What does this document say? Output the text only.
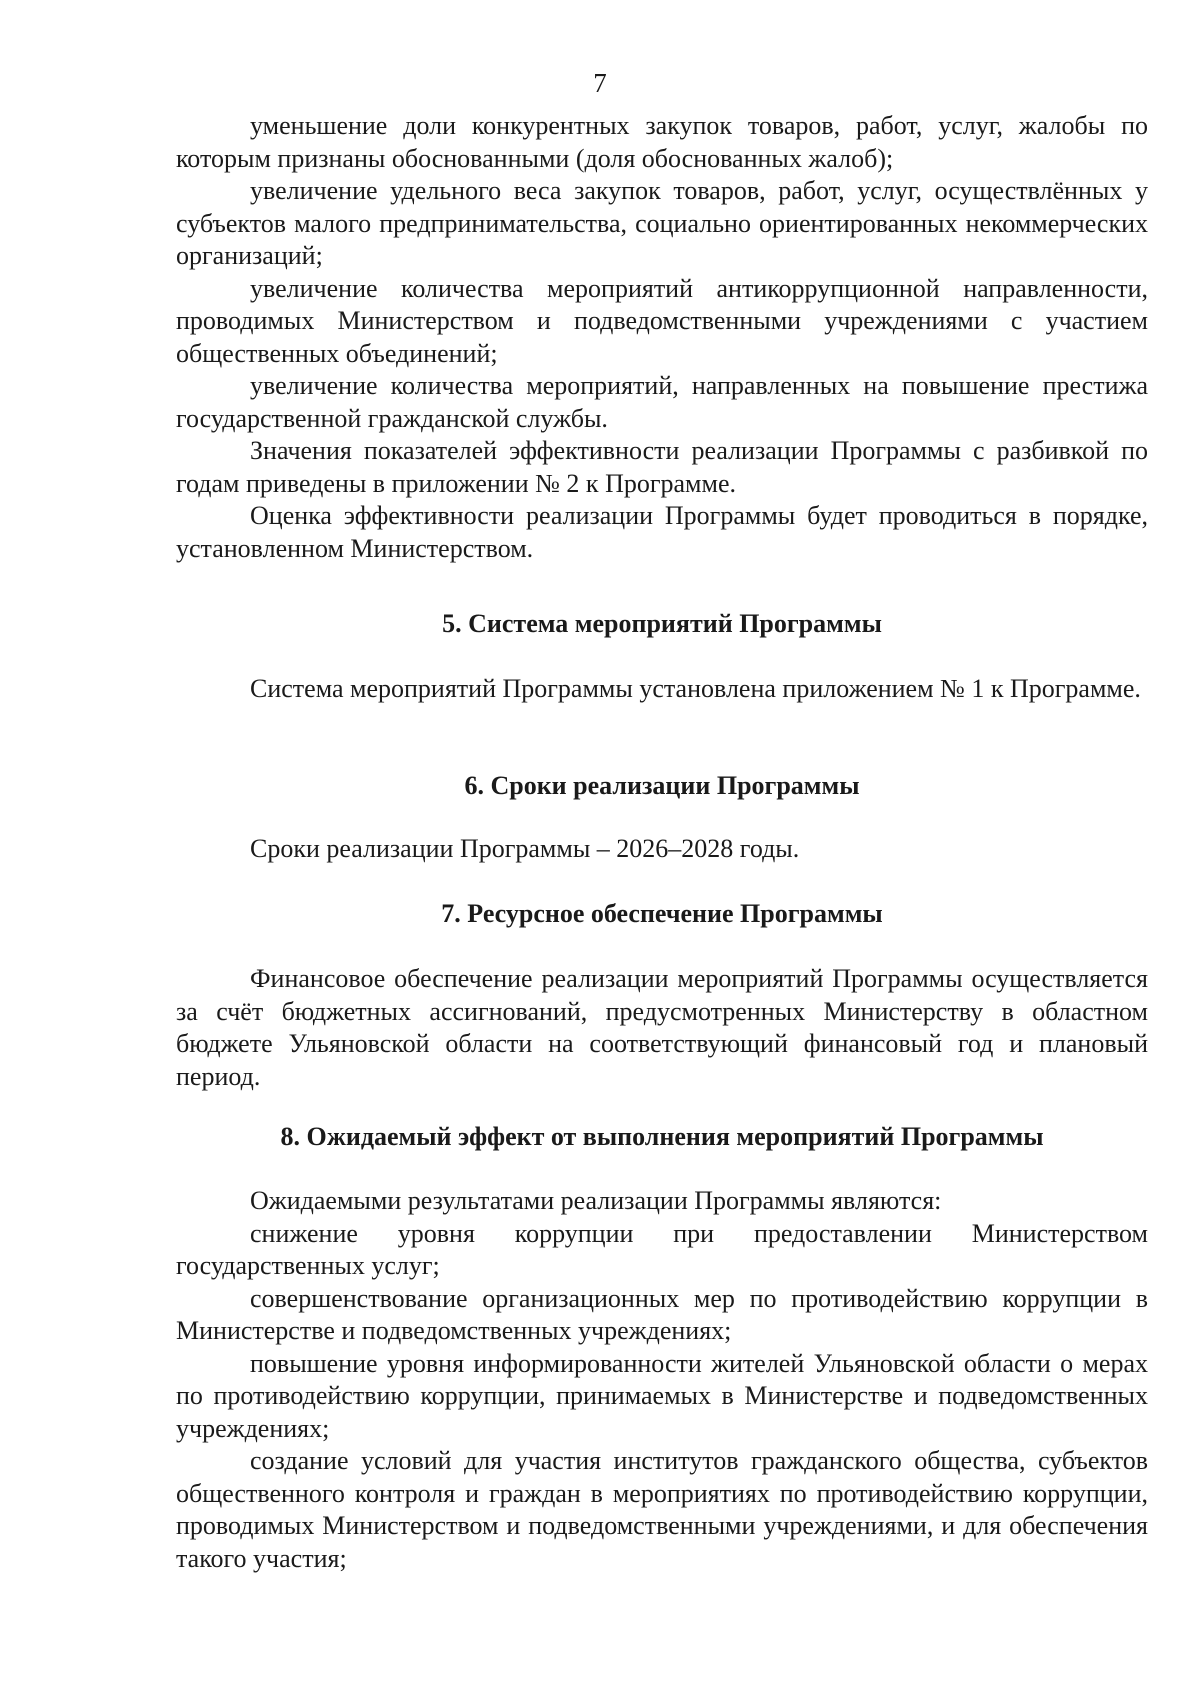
7

уменьшение доли конкурентных закупок товаров, работ, услуг, жалобы по которым признаны обоснованными (доля обоснованных жалоб);

увеличение удельного веса закупок товаров, работ, услуг, осуществлённых у субъектов малого предпринимательства, социально ориентированных некоммерческих организаций;

увеличение количества мероприятий антикоррупционной направленности, проводимых Министерством и подведомственными учреждениями с участием общественных объединений;

увеличение количества мероприятий, направленных на повышение престижа государственной гражданской службы.

Значения показателей эффективности реализации Программы с разбивкой по годам приведены в приложении № 2 к Программе.

Оценка эффективности реализации Программы будет проводиться в порядке, установленном Министерством.

5. Система мероприятий Программы

Система мероприятий Программы установлена приложением № 1 к Программе.

6. Сроки реализации Программы

Сроки реализации Программы – 2026–2028 годы.

7. Ресурсное обеспечение Программы

Финансовое обеспечение реализации мероприятий Программы осуществляется за счёт бюджетных ассигнований, предусмотренных Министерству в областном бюджете Ульяновской области на соответствующий финансовый год и плановый период.

8. Ожидаемый эффект от выполнения мероприятий Программы

Ожидаемыми результатами реализации Программы являются:

снижение уровня коррупции при предоставлении Министерством государственных услуг;

совершенствование организационных мер по противодействию коррупции в Министерстве и подведомственных учреждениях;

повышение уровня информированности жителей Ульяновской области о мерах по противодействию коррупции, принимаемых в Министерстве и подведомственных учреждениях;

создание условий для участия институтов гражданского общества, субъектов общественного контроля и граждан в мероприятиях по противодействию коррупции, проводимых Министерством и подведомственными учреждениями, и для обеспечения такого участия;
